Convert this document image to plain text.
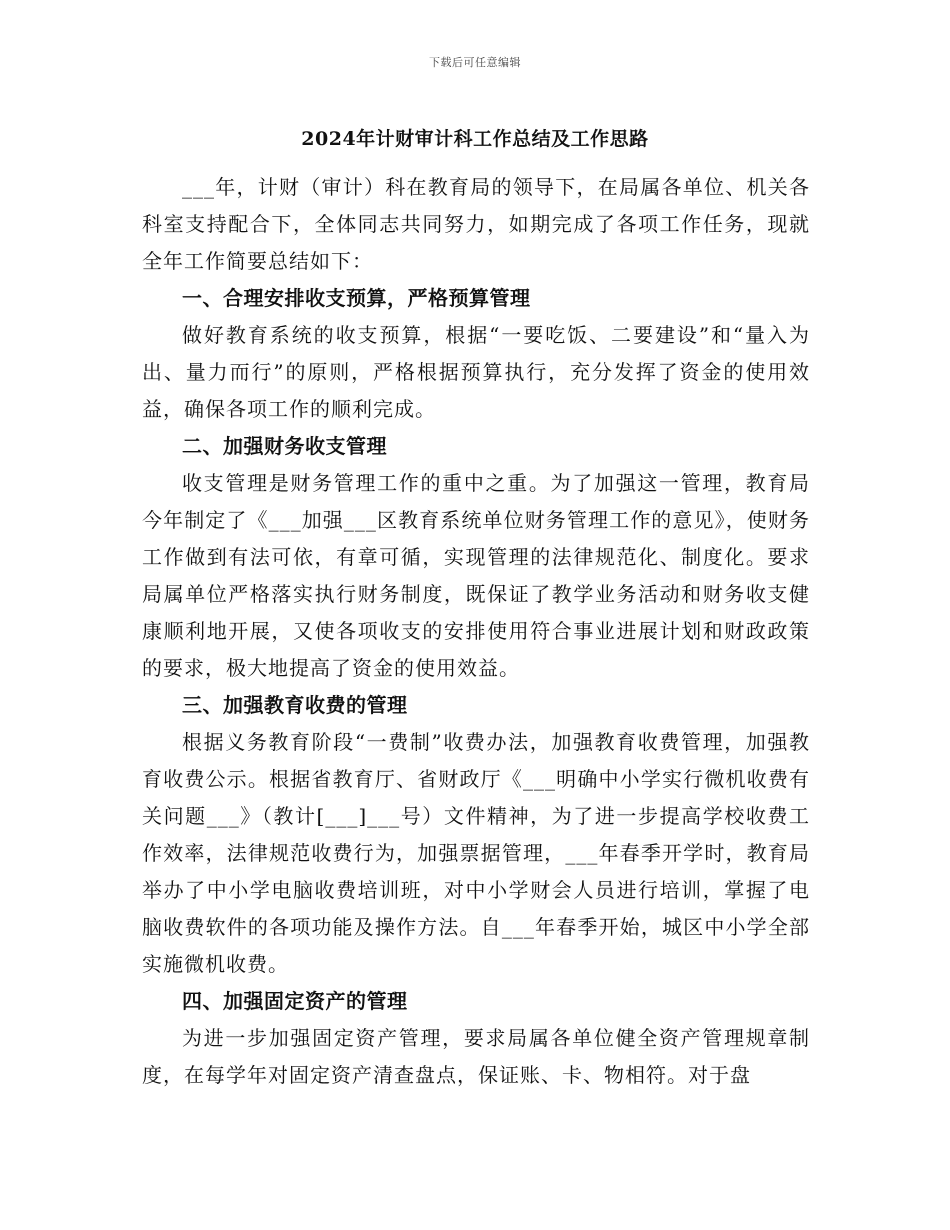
下载后可任意编辑
2024年计财审计科工作总结及工作思路

___年，计财（审计）科在教育局的领导下，在局属各单位、机关各科室支持配合下，全体同志共同努力，如期完成了各项工作任务，现就全年工作简要总结如下：

一、合理安排收支预算，严格预算管理

做好教育系统的收支预算，根据“一要吃饭、二要建设”和“量入为出、量力而行”的原则，严格根据预算执行，充分发挥了资金的使用效益，确保各项工作的顺利完成。

二、加强财务收支管理

收支管理是财务管理工作的重中之重。为了加强这一管理，教育局今年制定了《___加强___区教育系统单位财务管理工作的意见》，使财务工作做到有法可依，有章可循，实现管理的法律规范化、制度化。要求局属单位严格落实执行财务制度，既保证了教学业务活动和财务收支健康顺利地开展，又使各项收支的安排使用符合事业进展计划和财政政策的要求，极大地提高了资金的使用效益。

三、加强教育收费的管理

根据义务教育阶段“一费制”收费办法，加强教育收费管理，加强教育收费公示。根据省教育厅、省财政厅《___明确中小学实行微机收费有关问题___》（教计[___]___号）文件精神，为了进一步提高学校收费工作效率，法律规范收费行为，加强票据管理，___年春季开学时，教育局举办了中小学电脑收费培训班，对中小学财会人员进行培训，掌握了电脑收费软件的各项功能及操作方法。自___年春季开始，城区中小学全部实施微机收费。

四、加强固定资产的管理

为进一步加强固定资产管理，要求局属各单位健全资产管理规章制度，在每学年对固定资产清查盘点，保证账、卡、物相符。对于盘
